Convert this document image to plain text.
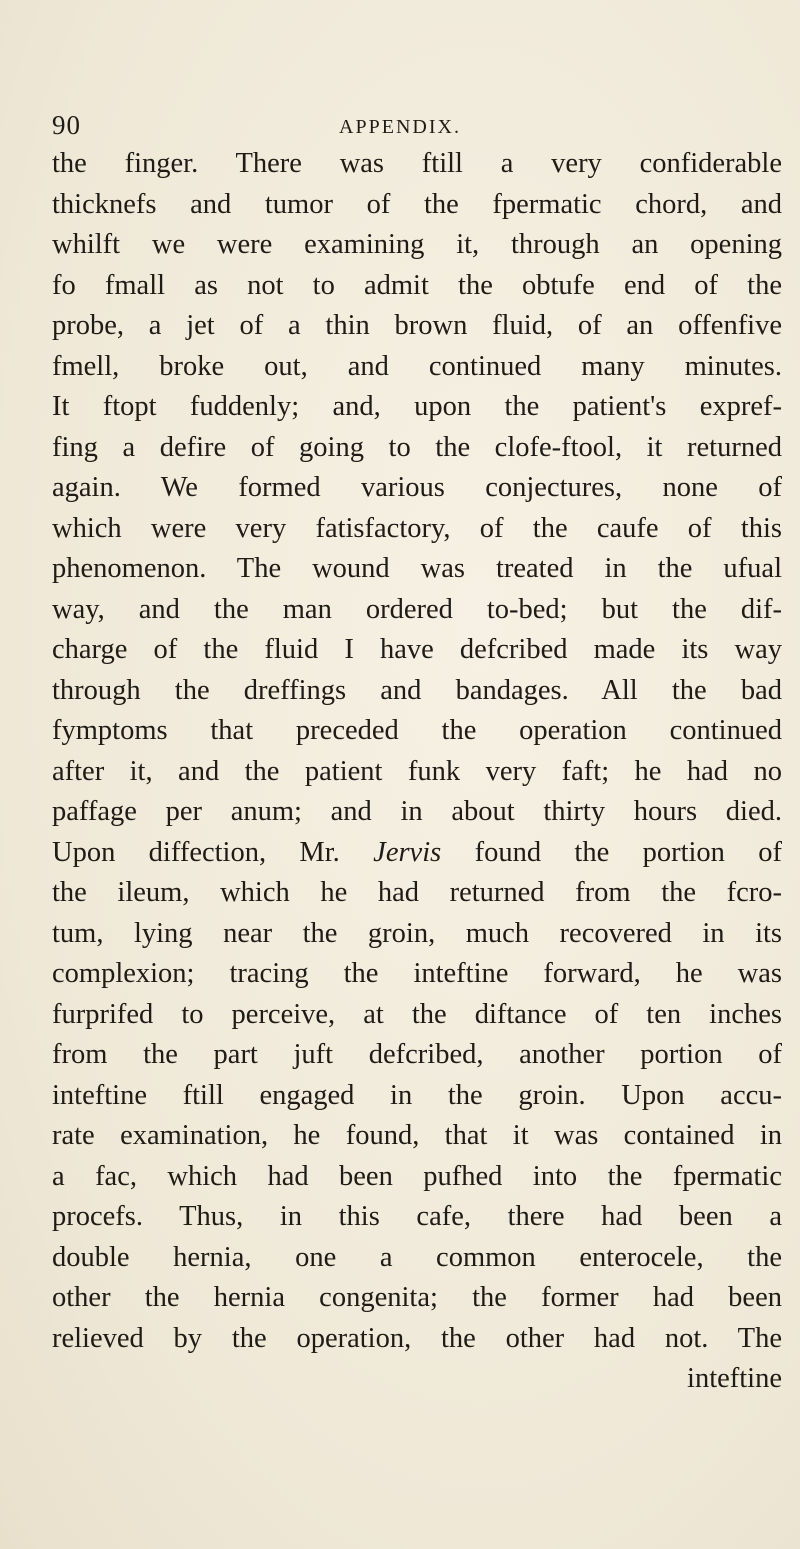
90	APPENDIX.
the finger. There was ftill a very confiderable
thicknefs and tumor of the fpermatic chord, and
whilft we were examining it, through an opening
fo fmall as not to admit the obtufe end of the
probe, a jet of a thin brown fluid, of an offenfive
fmell, broke out, and continued many minutes.
It ftopt fuddenly; and, upon the patient's expref-
fing a defire of going to the clofe-ftool, it returned
again. We formed various conjectures, none of
which were very fatisfactory, of the caufe of this
phenomenon. The wound was treated in the ufual
way, and the man ordered to-bed; but the dif-
charge of the fluid I have defcribed made its way
through the dreffings and bandages. All the bad
fymptoms that preceded the operation continued
after it, and the patient funk very faft; he had no
paffage per anum; and in about thirty hours died.
Upon diffection, Mr. Jervis found the portion of
the ileum, which he had returned from the fcro-
tum, lying near the groin, much recovered in its
complexion; tracing the inteftine forward, he was
furprifed to perceive, at the diftance of ten inches
from the part juft defcribed, another portion of
inteftine ftill engaged in the groin. Upon accu-
rate examination, he found, that it was contained in
a fac, which had been pufhed into the fpermatic
procefs. Thus, in this cafe, there had been a
double hernia, one a common enterocele, the
other the hernia congenita; the former had been
relieved by the operation, the other had not. The
inteftine
